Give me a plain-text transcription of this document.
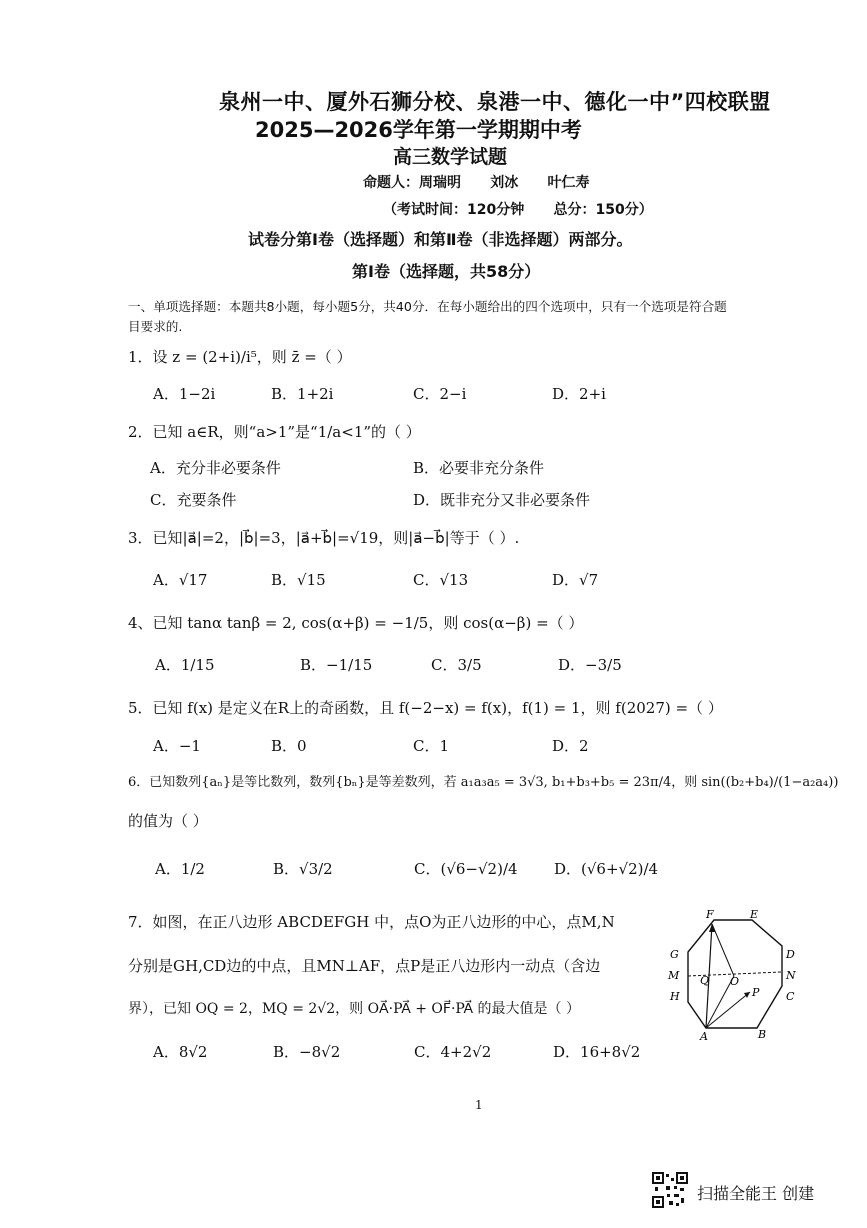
泉州一中、厦外石狮分校、泉港一中、德化一中”四校联盟
2025—2026学年第一学期期中考
高三数学试题
命题人：周瑞明      刘冰      叶仁寿
（考试时间：120分钟      总分：150分）
试卷分第Ⅰ卷（选择题）和第Ⅱ卷（非选择题）两部分。
第Ⅰ卷（选择题，共58分）
一、单项选择题：本题共8小题，每小题5分，共40分．在每小题给出的四个选项中，只有一个选项是符合题
目要求的.
1．设 z = (2+i)/i⁵，则 z̄ =（ ）
A．1−2i	B．1+2i	C．2−i	D．2+i
2．已知 a∈R，则“a>1”是“1/a<1”的（ ）
A．充分非必要条件	B．必要非充分条件
C．充要条件	D．既非充分又非必要条件
3．已知|a⃗|=2，|b⃗|=3，|a⃗+b⃗|=√19，则|a⃗−b⃗|等于（ ）.
A．√17	B．√15	C．√13	D．√7
4、已知 tanα tanβ = 2, cos(α+β) = −1/5，则 cos(α−β) =（ ）
A．1/15	B．−1/15	C．3/5	D．−3/5
5．已知 f(x) 是定义在R上的奇函数，且 f(−2−x) = f(x)，f(1) = 1，则 f(2027) =（ ）
A．−1	B．0	C．1	D．2
6．已知数列{aₙ}是等比数列，数列{bₙ}是等差数列，若 a₁a₃a₅ = 3√3, b₁+b₃+b₅ = 23π/4，则 sin((b₂+b₄)/(1−a₂a₄))
的值为（ ）
A．1/2	B．√3/2	C．(√6−√2)/4 D．(√6+√2)/4
7．如图，在正八边形 ABCDEFGH 中，点O为正八边形的中心，点M,N
分别是GH,CD边的中点，且MN⊥AF，点P是正八边形内一动点（含边
界），已知 OQ = 2，MQ = 2√2，则 OA⃗·PA⃗ + OF⃗·PA⃗ 的最大值是（ ）
A．8√2	B．−8√2	C．4+2√2	D．16+8√2
F	E
G	D
M Q O	N
H	P C
A	B
1
扫描全能王 创建
